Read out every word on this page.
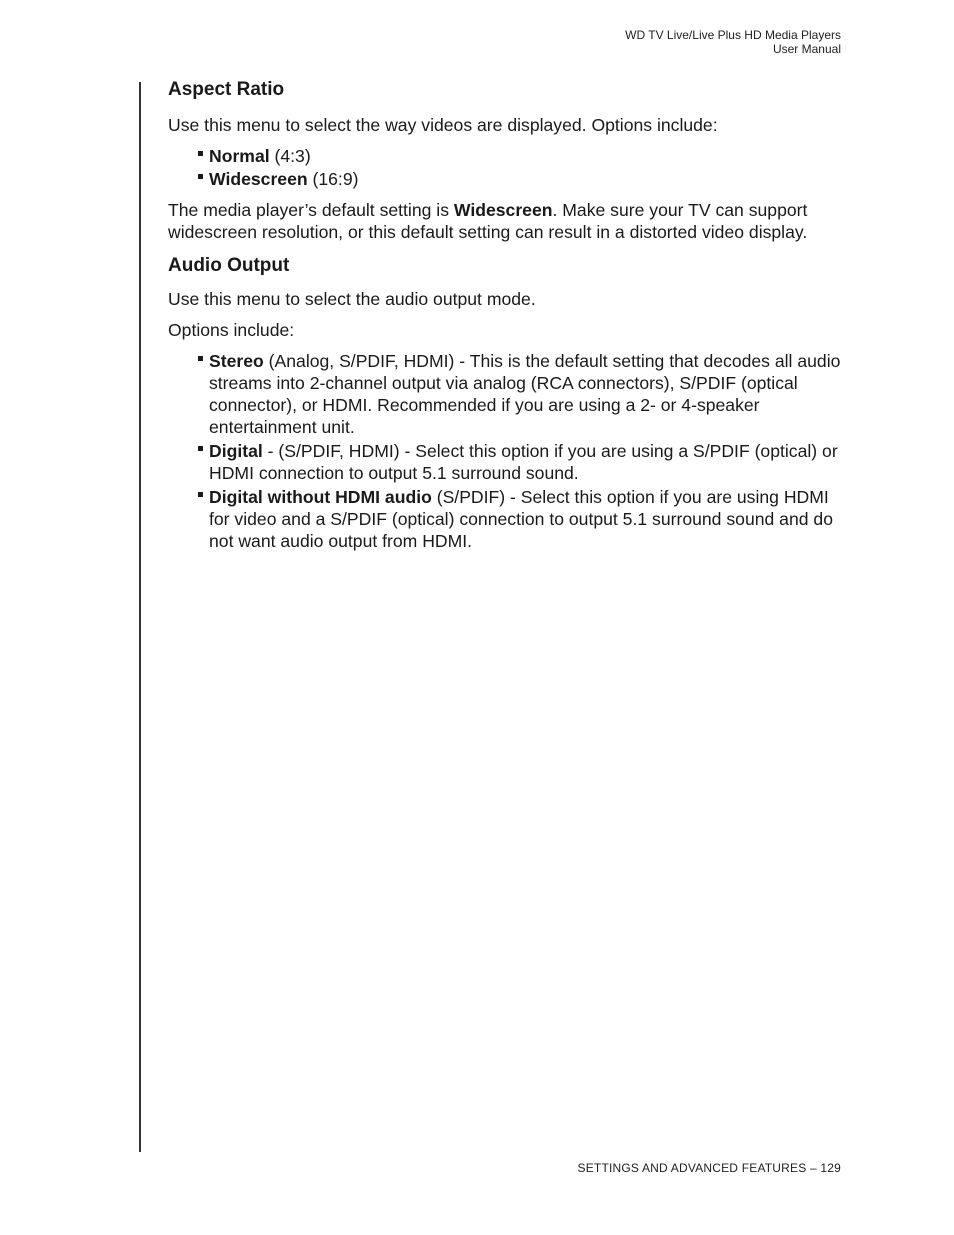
WD TV Live/Live Plus HD Media Players
User Manual
Aspect Ratio

Use this menu to select the way videos are displayed. Options include:

Normal (4:3)
Widescreen (16:9)

The media player’s default setting is Widescreen. Make sure your TV can support widescreen resolution, or this default setting can result in a distorted video display.

Audio Output

Use this menu to select the audio output mode.

Options include:

Stereo (Analog, S/PDIF, HDMI) - This is the default setting that decodes all audio streams into 2-channel output via analog (RCA connectors), S/PDIF (optical connector), or HDMI. Recommended if you are using a 2- or 4-speaker entertainment unit.
Digital - (S/PDIF, HDMI) - Select this option if you are using a S/PDIF (optical) or HDMI connection to output 5.1 surround sound.
Digital without HDMI audio (S/PDIF) - Select this option if you are using HDMI for video and a S/PDIF (optical) connection to output 5.1 surround sound and do not want audio output from HDMI.
SETTINGS AND ADVANCED FEATURES – 129
